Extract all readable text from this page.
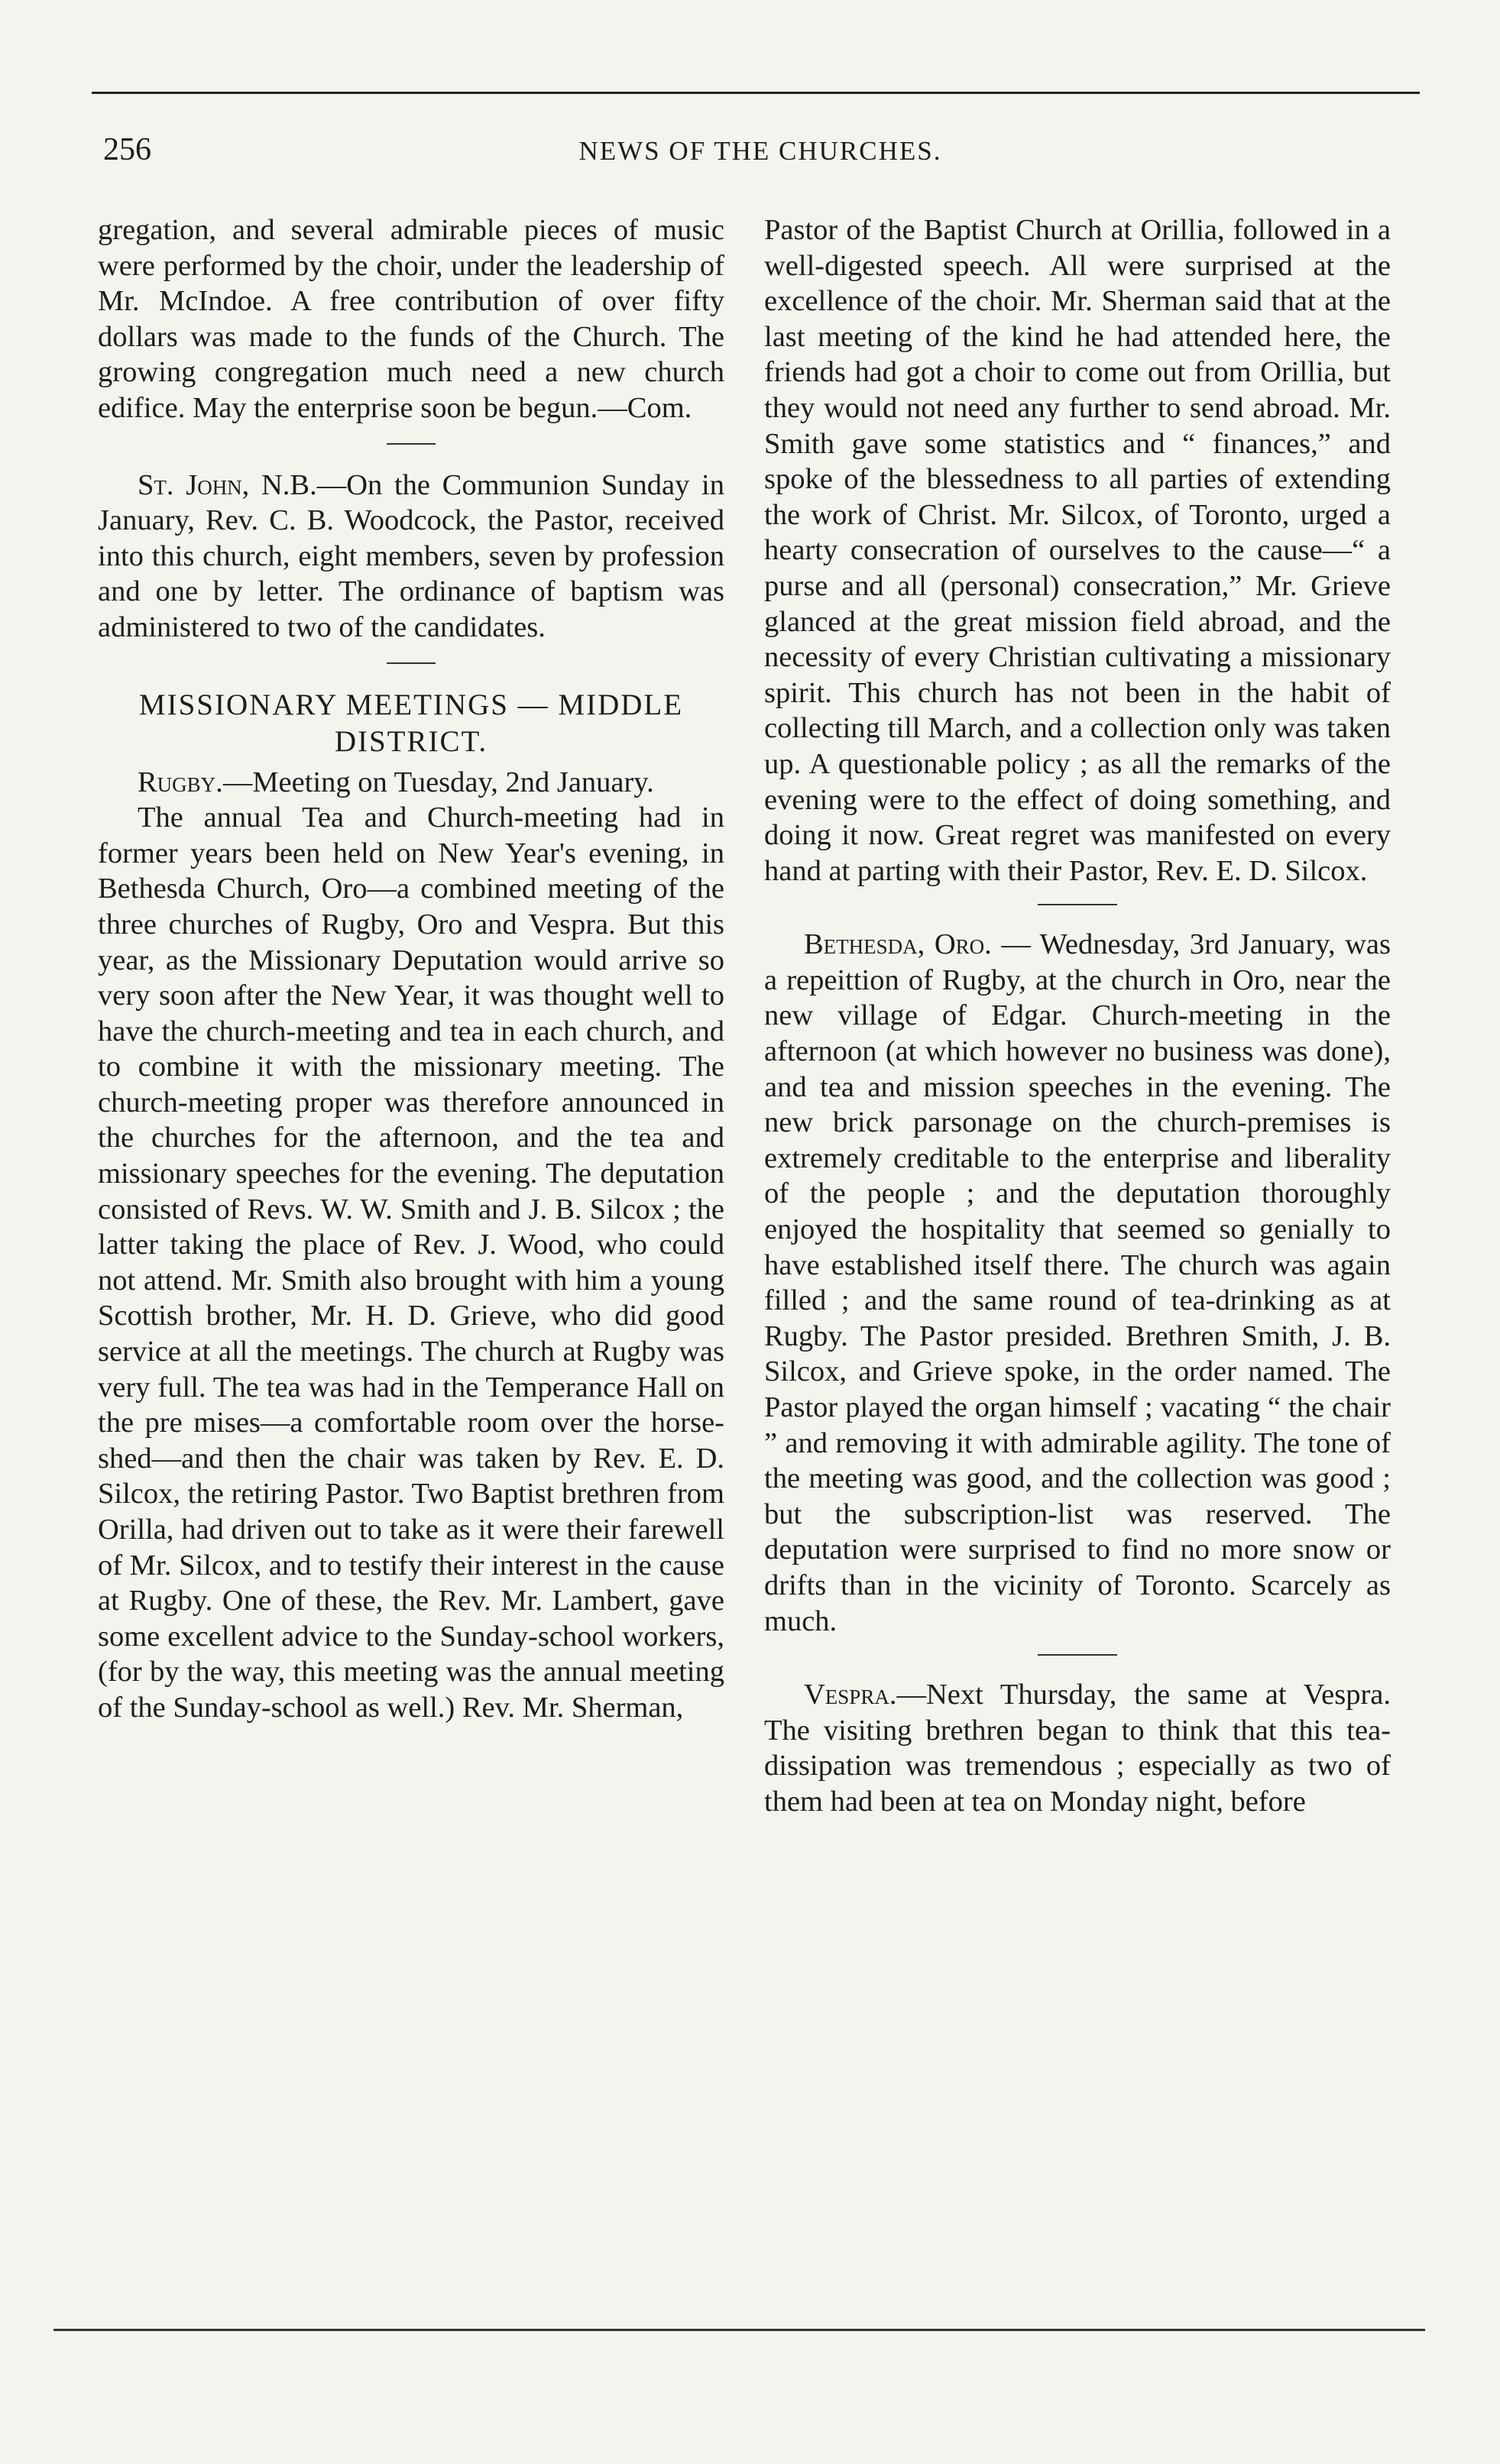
256	NEWS OF THE CHURCHES.

gregation, and several admirable pieces of music were performed by the choir, under the leadership of Mr. McIndoe. A free contribution of over fifty dollars was made to the funds of the Church. The growing congregation much need a new church edifice. May the enterprise soon be begun.—Com.

St. John, N.B.—On the Communion Sunday in January, Rev. C. B. Woodcock, the Pastor, received into this church, eight members, seven by profession and one by letter. The ordinance of baptism was administered to two of the candidates.

MISSIONARY MEETINGS — MIDDLE DISTRICT.

Rugby.—Meeting on Tuesday, 2nd January.

The annual Tea and Church-meeting had in former years been held on New Year's evening, in Bethesda Church, Oro—a combined meeting of the three churches of Rugby, Oro and Vespra. But this year, as the Missionary Deputation would arrive so very soon after the New Year, it was thought well to have the church-meeting and tea in each church, and to combine it with the missionary meeting. The church-meeting proper was therefore announced in the churches for the afternoon, and the tea and missionary speeches for the evening. The deputation consisted of Revs. W. W. Smith and J. B. Silcox ; the latter taking the place of Rev. J. Wood, who could not attend. Mr. Smith also brought with him a young Scottish brother, Mr. H. D. Grieve, who did good service at all the meetings. The church at Rugby was very full. The tea was had in the Temperance Hall on the pre mises—a comfortable room over the horse-shed—and then the chair was taken by Rev. E. D. Silcox, the retiring Pastor. Two Baptist brethren from Orilla, had driven out to take as it were their farewell of Mr. Silcox, and to testify their interest in the cause at Rugby. One of these, the Rev. Mr. Lambert, gave some excellent advice to the Sunday-school workers, (for by the way, this meeting was the annual meeting of the Sunday-school as well.) Rev. Mr. Sherman,

Pastor of the Baptist Church at Orillia, followed in a well-digested speech. All were surprised at the excellence of the choir. Mr. Sherman said that at the last meeting of the kind he had attended here, the friends had got a choir to come out from Orillia, but they would not need any further to send abroad. Mr. Smith gave some statistics and “ finances,” and spoke of the blessedness to all parties of extending the work of Christ. Mr. Silcox, of Toronto, urged a hearty consecration of ourselves to the cause—“ a purse and all (personal) consecration,” Mr. Grieve glanced at the great mission field abroad, and the necessity of every Christian cultivating a missionary spirit. This church has not been in the habit of collecting till March, and a collection only was taken up. A questionable policy ; as all the remarks of the evening were to the effect of doing something, and doing it now. Great regret was manifested on every hand at parting with their Pastor, Rev. E. D. Silcox.

Bethesda, Oro. — Wednesday, 3rd January, was a repeittion of Rugby, at the church in Oro, near the new village of Edgar. Church-meeting in the afternoon (at which however no business was done), and tea and mission speeches in the evening. The new brick parsonage on the church-premises is extremely creditable to the enterprise and liberality of the people ; and the deputation thoroughly enjoyed the hospitality that seemed so genially to have established itself there. The church was again filled ; and the same round of tea-drinking as at Rugby. The Pastor presided. Brethren Smith, J. B. Silcox, and Grieve spoke, in the order named. The Pastor played the organ himself ; vacating “ the chair ” and removing it with admirable agility. The tone of the meeting was good, and the collection was good ; but the subscription-list was reserved. The deputation were surprised to find no more snow or drifts than in the vicinity of Toronto. Scarcely as much.

Vespra.—Next Thursday, the same at Vespra. The visiting brethren began to think that this tea-dissipation was tremendous ; especially as two of them had been at tea on Monday night, before
